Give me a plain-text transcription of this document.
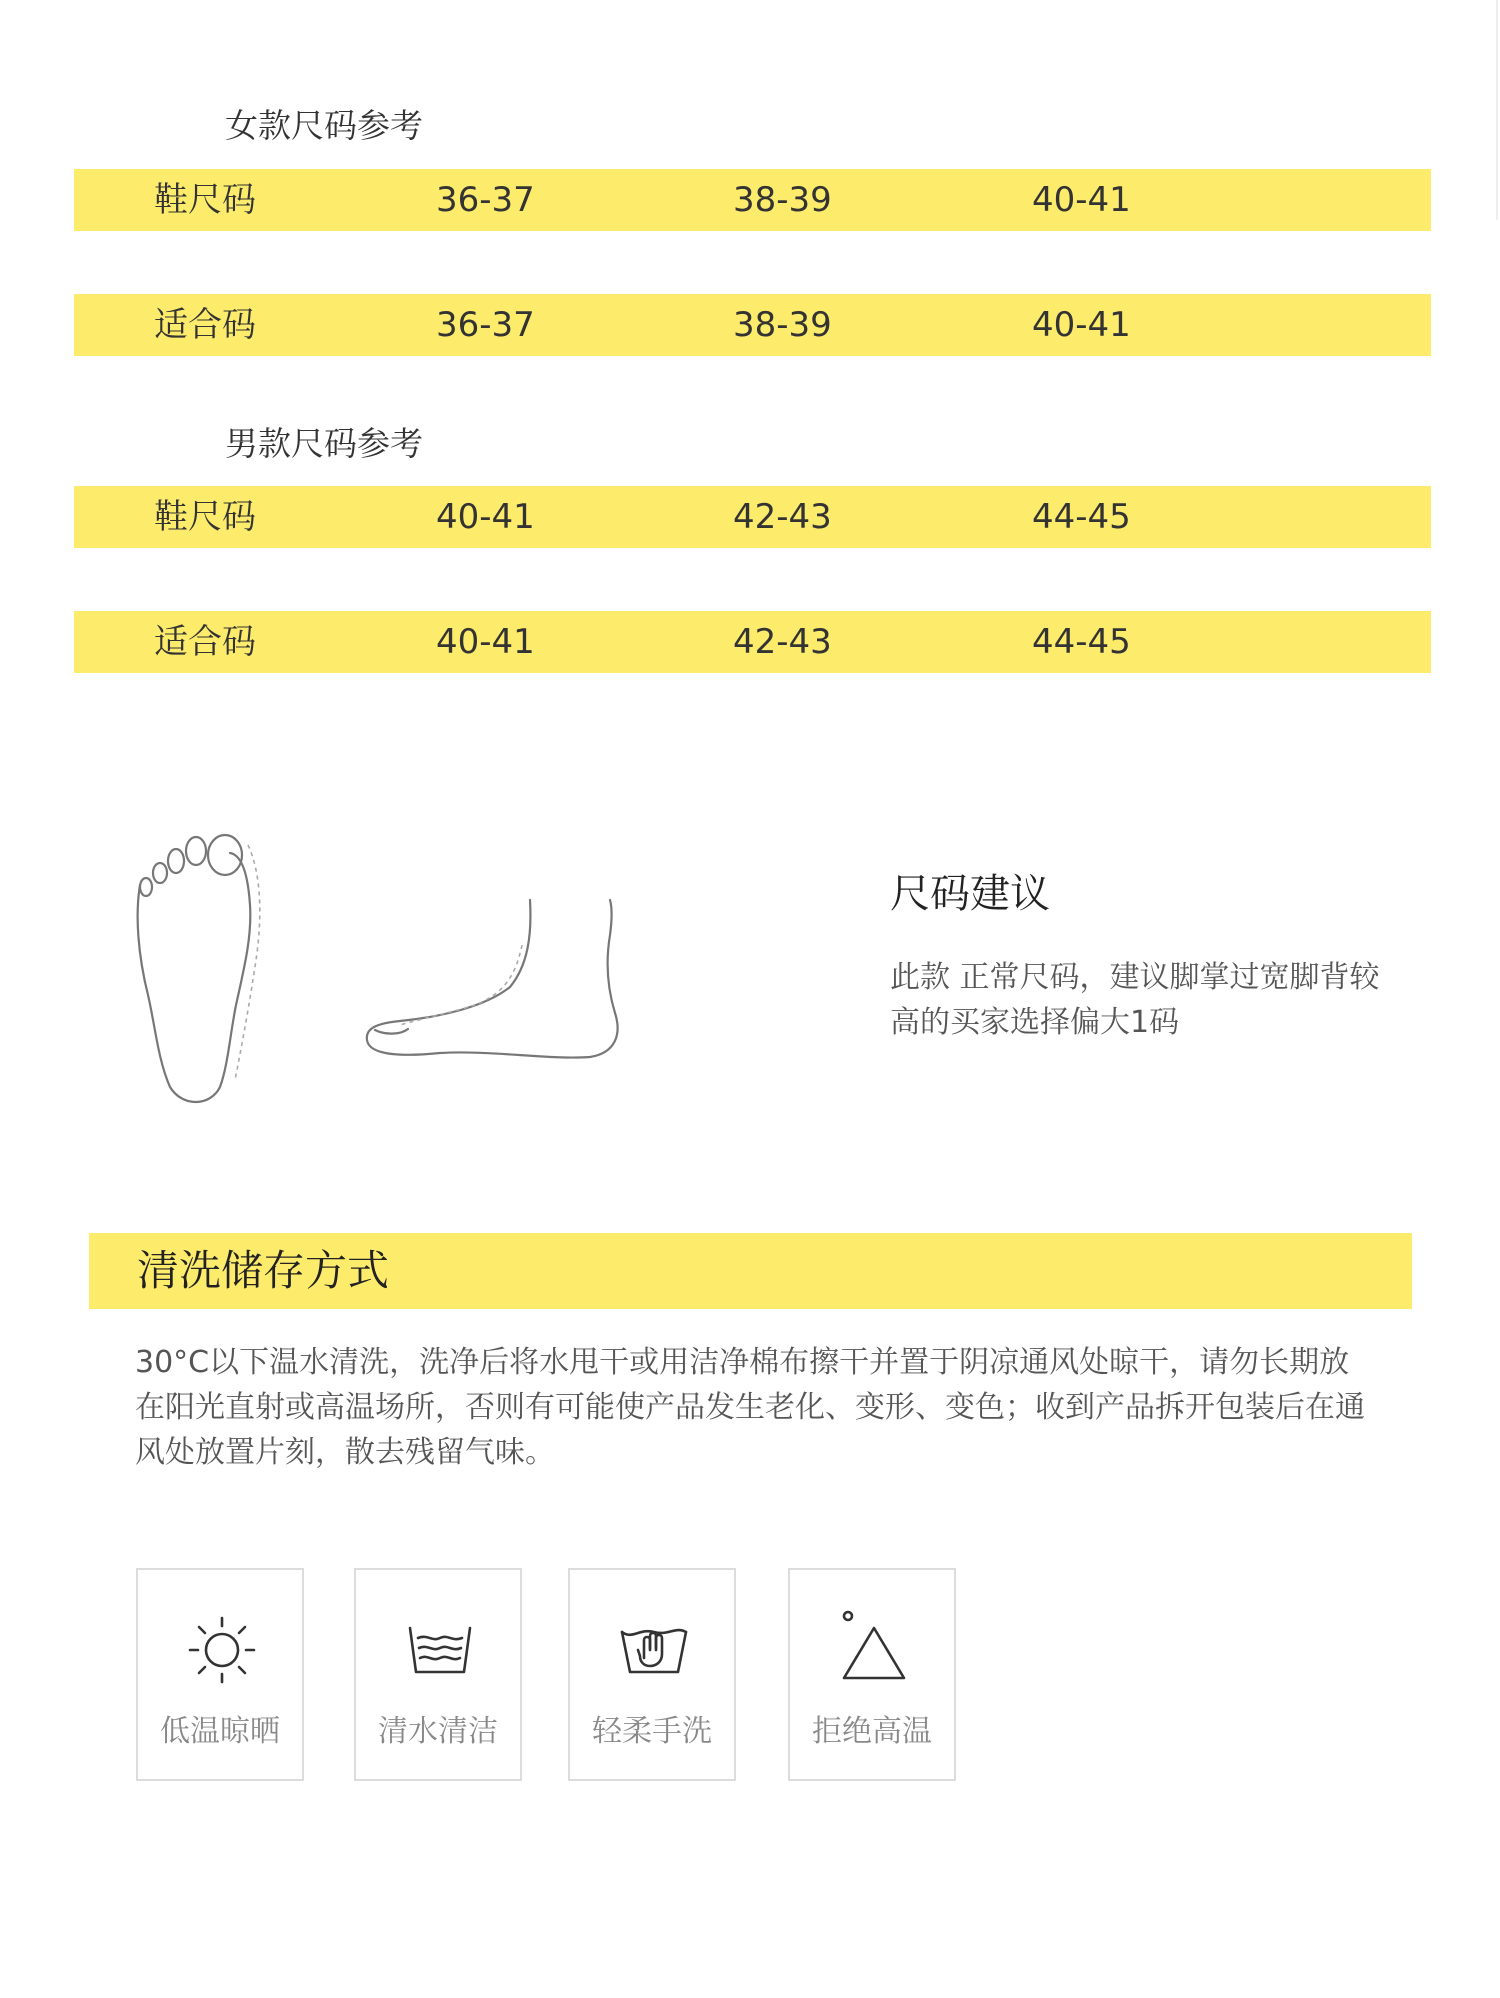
女款尺码参考
鞋尺码	36-37	38-39	40-41
适合码	36-37	38-39	40-41
男款尺码参考
鞋尺码	40-41	42-43	44-45
适合码	40-41	42-43	44-45
尺码建议
此款 正常尺码，建议脚掌过宽脚背较高的买家选择偏大1码
清洗储存方式
30°C以下温水清洗，洗净后将水甩干或用洁净棉布擦干并置于阴凉通风处晾干，请勿长期放在阳光直射或高温场所，否则有可能使产品发生老化、变形、变色；收到产品拆开包装后在通风处放置片刻，散去残留气味。
低温晾晒	清水清洁	轻柔手洗	拒绝高温
